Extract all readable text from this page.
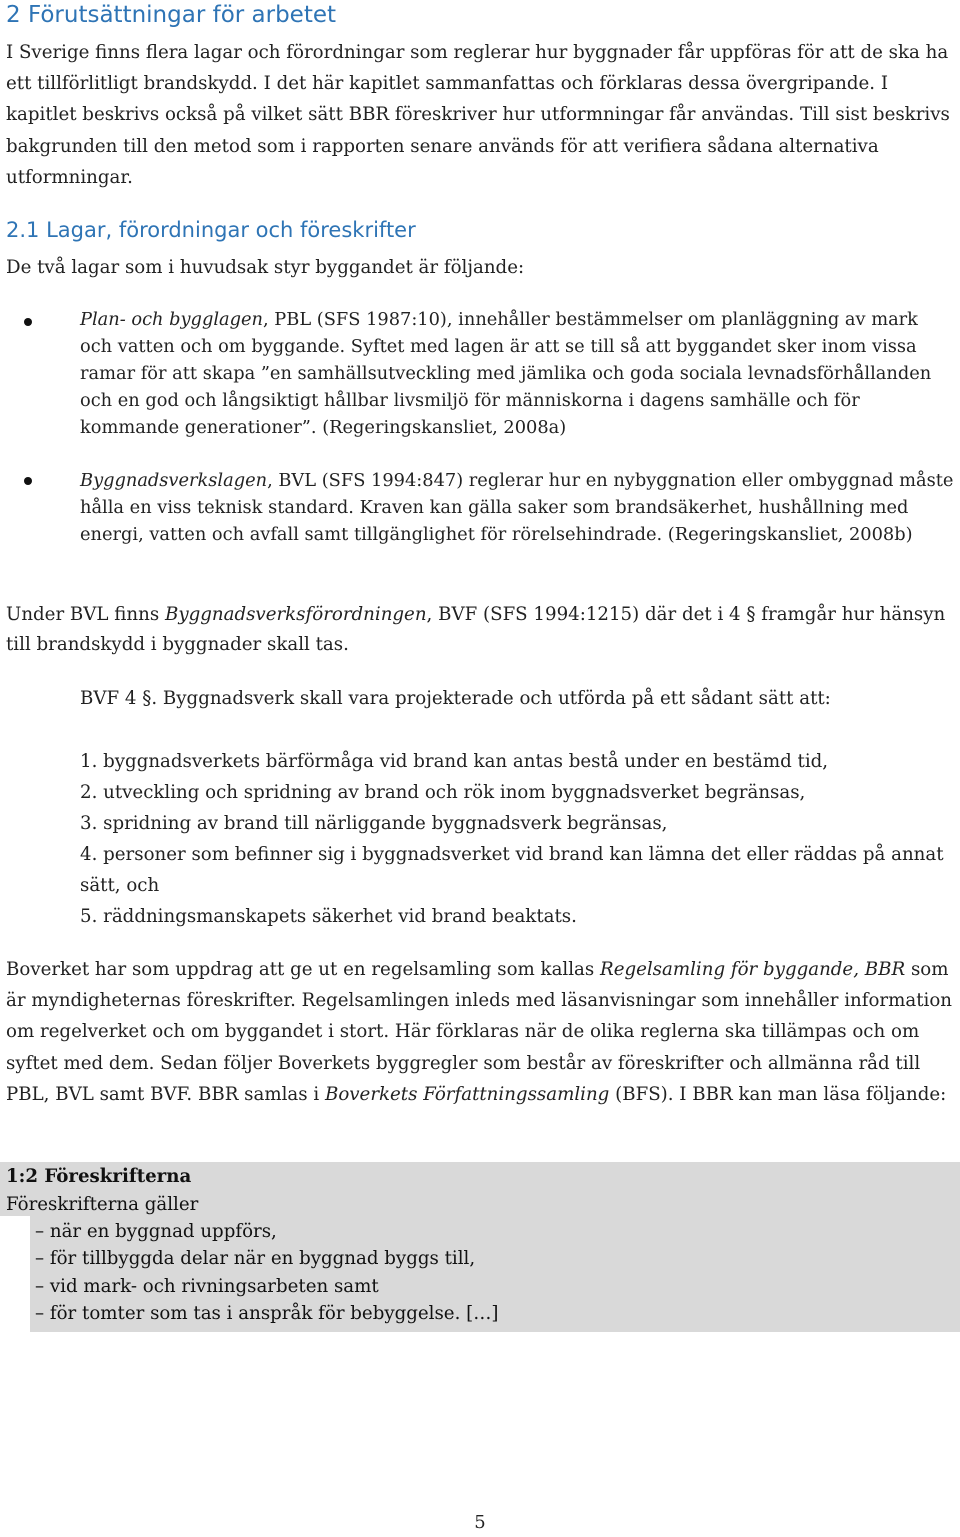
2 Förutsättningar för arbetet

I Sverige finns flera lagar och förordningar som reglerar hur byggnader får uppföras för att de ska ha ett tillförlitligt brandskydd. I det här kapitlet sammanfattas och förklaras dessa övergripande. I kapitlet beskrivs också på vilket sätt BBR föreskriver hur utformningar får användas. Till sist beskrivs bakgrunden till den metod som i rapporten senare används för att verifiera sådana alternativa utformningar.

2.1 Lagar, förordningar och föreskrifter

De två lagar som i huvudsak styr byggandet är följande:

Plan- och bygglagen, PBL (SFS 1987:10), innehåller bestämmelser om planläggning av mark och vatten och om byggande. Syftet med lagen är att se till så att byggandet sker inom vissa ramar för att skapa ”en samhällsutveckling med jämlika och goda sociala levnadsförhållanden och en god och långsiktigt hållbar livsmiljö för människorna i dagens samhälle och för kommande generationer”. (Regeringskansliet, 2008a)
Byggnadsverkslagen, BVL (SFS 1994:847) reglerar hur en nybyggnation eller ombyggnad måste hålla en viss teknisk standard. Kraven kan gälla saker som brandsäkerhet, hushållning med energi, vatten och avfall samt tillgänglighet för rörelsehindrade. (Regeringskansliet, 2008b)

Under BVL finns Byggnadsverksförordningen, BVF (SFS 1994:1215) där det i 4 § framgår hur hänsyn till brandskydd i byggnader skall tas.

BVF 4 §. Byggnadsverk skall vara projekterade och utförda på ett sådant sätt att:
1. byggnadsverkets bärförmåga vid brand kan antas bestå under en bestämd tid,
2. utveckling och spridning av brand och rök inom byggnadsverket begränsas,
3. spridning av brand till närliggande byggnadsverk begränsas,
4. personer som befinner sig i byggnadsverket vid brand kan lämna det eller räddas på annat sätt, och
5. räddningsmanskapets säkerhet vid brand beaktats.

Boverket har som uppdrag att ge ut en regelsamling som kallas Regelsamling för byggande, BBR som är myndigheternas föreskrifter. Regelsamlingen inleds med läsanvisningar som innehåller information om regelverket och om byggandet i stort. Här förklaras när de olika reglerna ska tillämpas och om syftet med dem. Sedan följer Boverkets byggregler som består av föreskrifter och allmänna råd till PBL, BVL samt BVF. BBR samlas i Boverkets Författningssamling (BFS). I BBR kan man läsa följande:

1:2 Föreskrifterna
Föreskrifterna gäller
– när en byggnad uppförs,
– för tillbyggda delar när en byggnad byggs till,
– vid mark- och rivningsarbeten samt
– för tomter som tas i anspråk för bebyggelse. […]
5
